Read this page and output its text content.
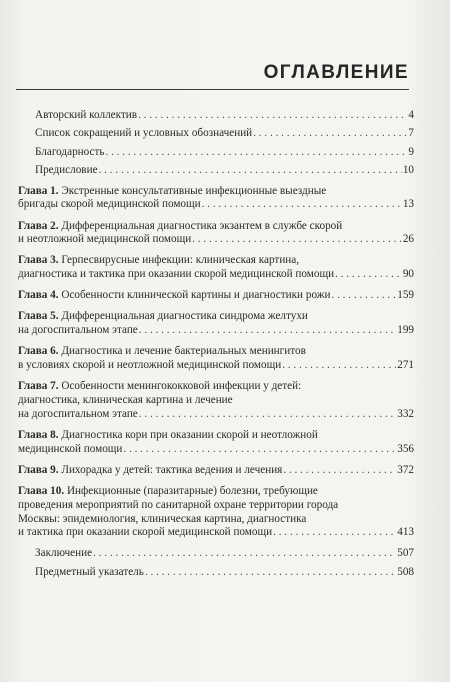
ОГЛАВЛЕНИЕ
Авторский коллектив . . .	4
Список сокращений и условных обозначений . . .	7
Благодарность . . .	9
Предисловие . . .	10
Глава 1. Экстренные консультативные инфекционные выездные
бригады скорой медицинской помощи . . .	13
Глава 2. Дифференциальная диагностика экзантем в службе скорой
и неотложной медицинской помощи . . .	26
Глава 3. Герпесвирусные инфекции: клиническая картина,
диагностика и тактика при оказании скорой медицинской помощи . . .	90
Глава 4. Особенности клинической картины и диагностики рожи . . .	159
Глава 5. Дифференциальная диагностика синдрома желтухи
на догоспитальном этапе . . .	199
Глава 6. Диагностика и лечение бактериальных менингитов
в условиях скорой и неотложной медицинской помощи . . .	271
Глава 7. Особенности менингококковой инфекции у детей:
диагностика, клиническая картина и лечение
на догоспитальном этапе . . .	332
Глава 8. Диагностика кори при оказании скорой и неотложной
медицинской помощи . . .	356
Глава 9. Лихорадка у детей: тактика ведения и лечения . . .	372
Глава 10. Инфекционные (паразитарные) болезни, требующие
проведения мероприятий по санитарной охране территории города
Москвы: эпидемиология, клиническая картина, диагностика
и тактика при оказании скорой медицинской помощи . . .	413
Заключение . . .	507
Предметный указатель . . .	508
